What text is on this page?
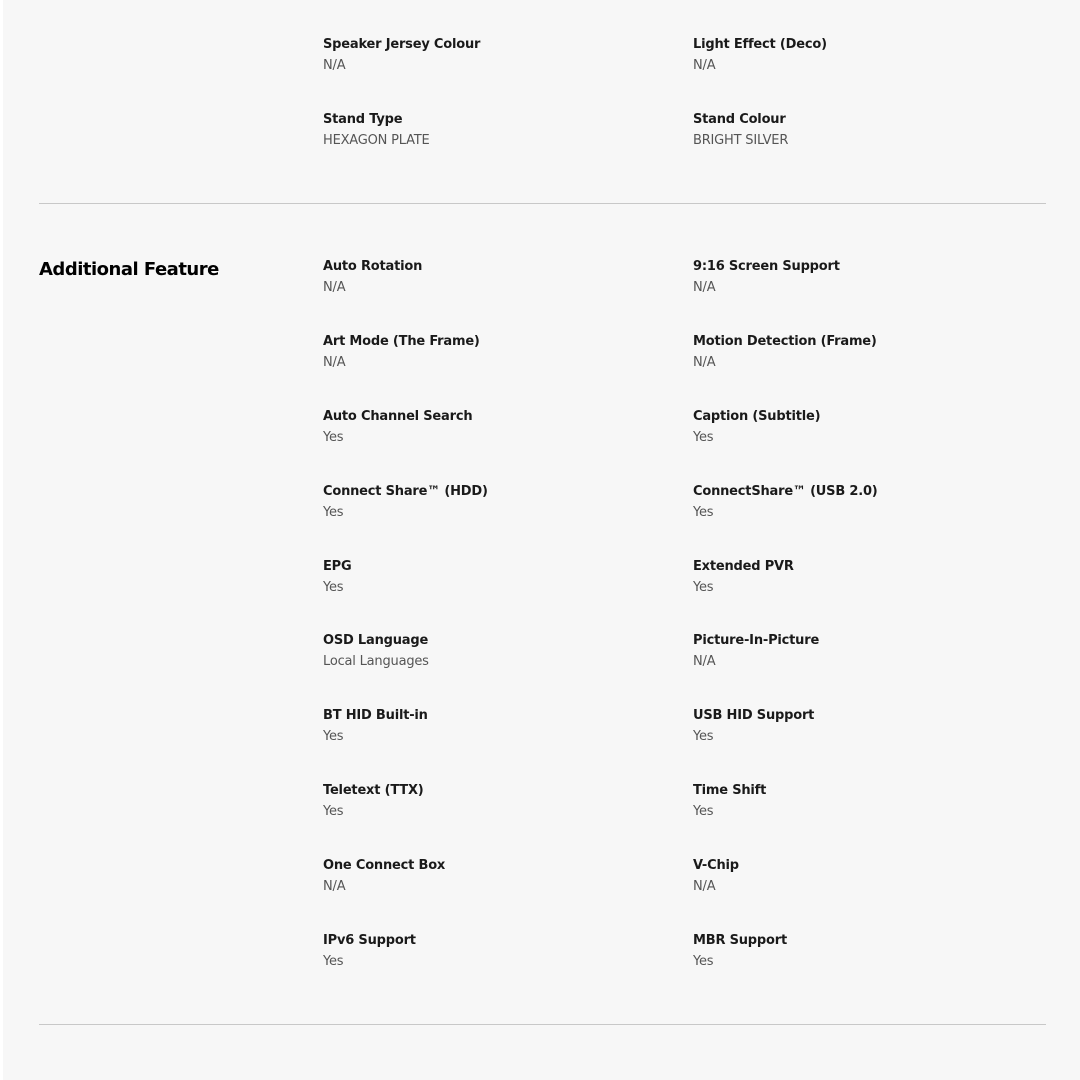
Speaker Jersey Colour
N/A
Light Effect (Deco)
N/A
Stand Type
HEXAGON PLATE
Stand Colour
BRIGHT SILVER
Additional Feature	Auto Rotation
N/A
9:16 Screen Support
N/A
Art Mode (The Frame)
N/A
Motion Detection (Frame)
N/A
Auto Channel Search
Yes
Caption (Subtitle)
Yes
Connect Share™ (HDD)
Yes
ConnectShare™ (USB 2.0)
Yes
EPG
Yes
Extended PVR
Yes
OSD Language
Local Languages
Picture-In-Picture
N/A
BT HID Built-in
Yes
USB HID Support
Yes
Teletext (TTX)
Yes
Time Shift
Yes
One Connect Box
N/A
V-Chip
N/A
IPv6 Support
Yes
MBR Support
Yes
